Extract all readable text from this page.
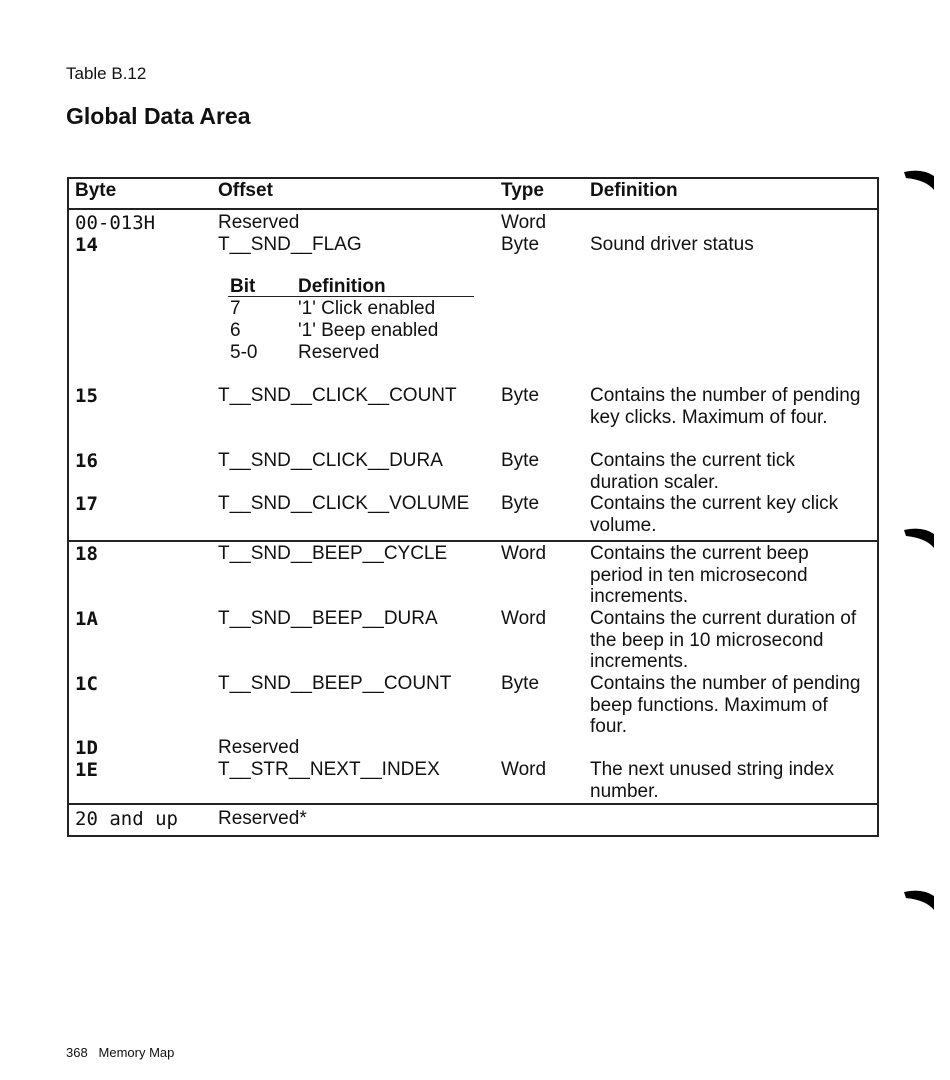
Table B.12
Global Data Area
Byte	Offset	Type Definition
00-013H	Reserved	Word
14	T__SND__FLAG	Byte	Sound driver status
Bit Definition
7	'1' Click enabled
6	'1' Beep enabled
5-0 Reserved
15	T__SND__CLICK__COUNT Byte	Contains the number of pending key clicks. Maximum of four.
16	T__SND__CLICK__DURA	Byte	Contains the current tick duration scaler.
17	T__SND__CLICK__VOLUME Byte	Contains the current key click volume.
18	T__SND__BEEP__CYCLE	Word Contains the current beep period in ten microsecond increments.
1A	T__SND__BEEP__DURA	Word Contains the current duration of the beep in 10 microsecond increments.
1C	T__SND__BEEP__COUNT	Byte	Contains the number of pending beep functions. Maximum of four.
1D	Reserved
1E	T__STR__NEXT__INDEX	Word The next unused string index number.
20 and up Reserved*
368 Memory Map
